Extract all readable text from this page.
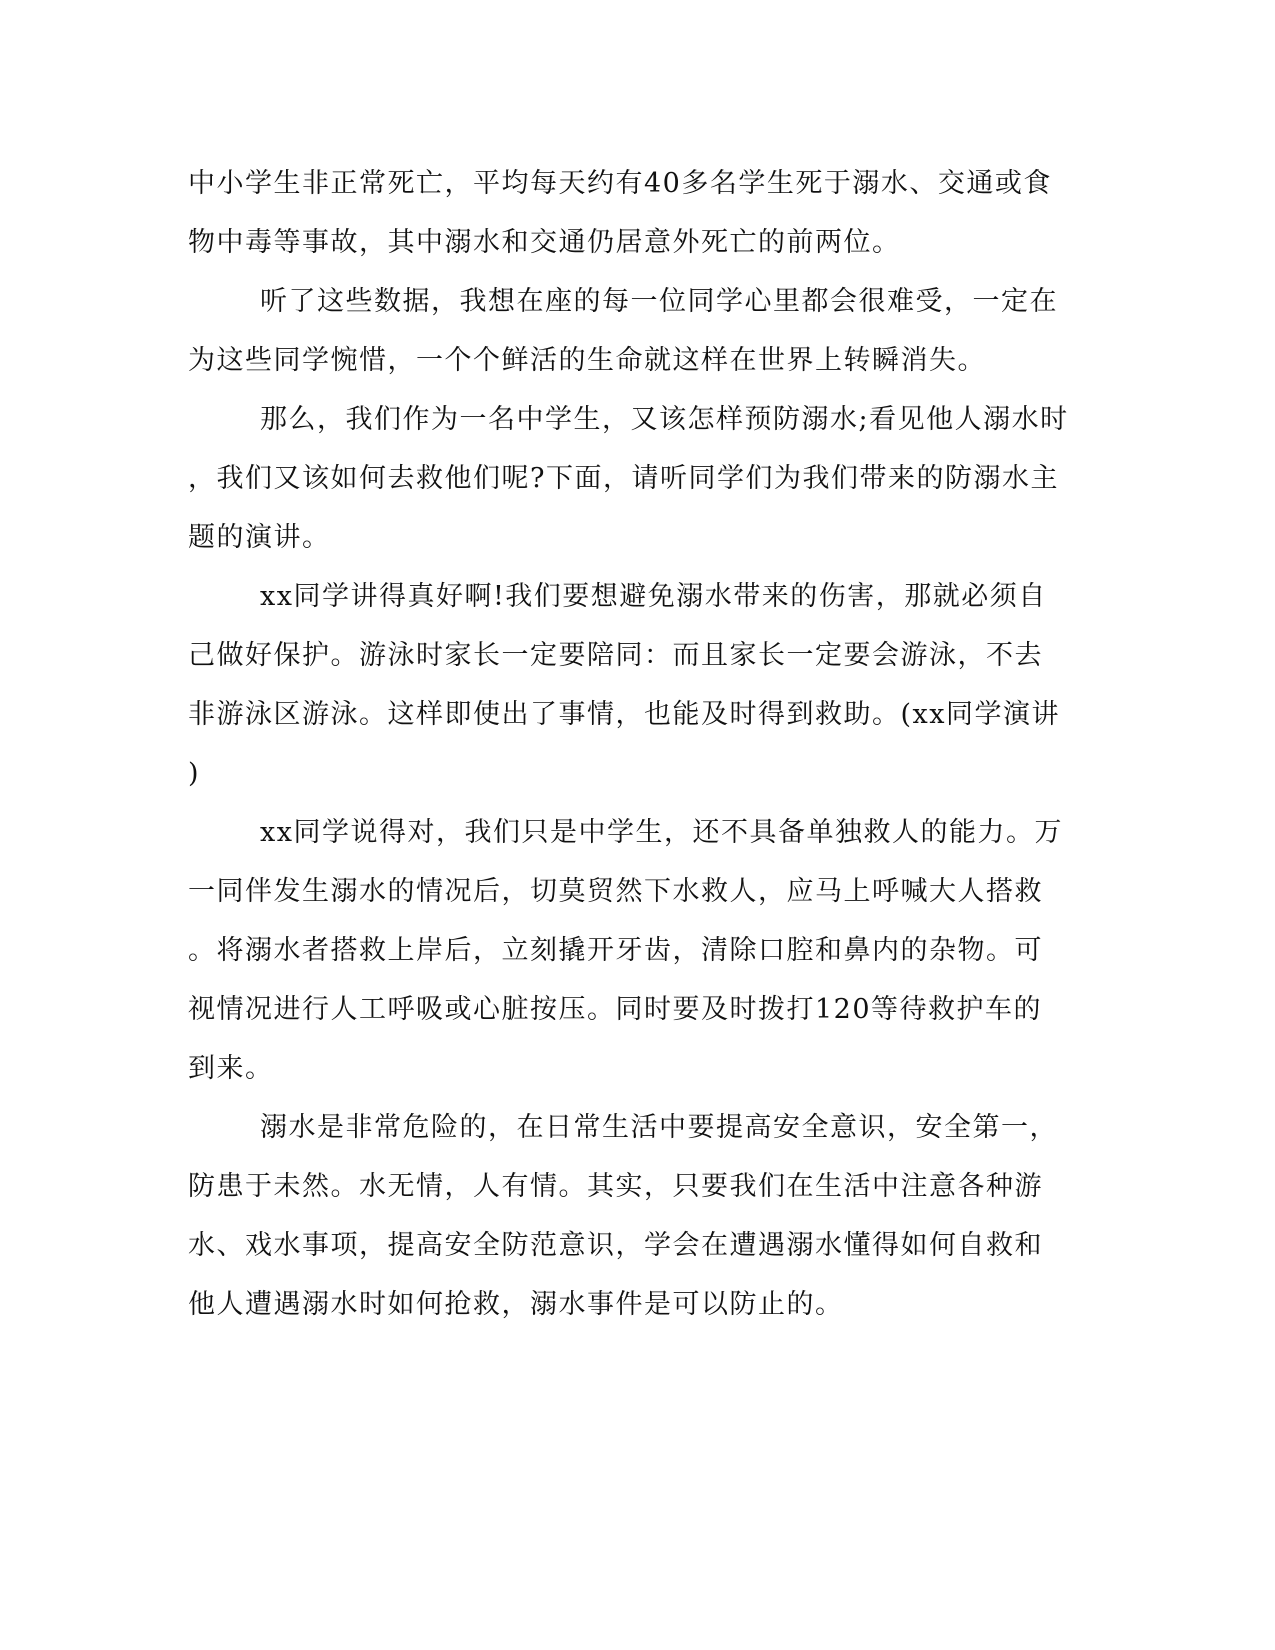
中小学生非正常死亡，平均每天约有40多名学生死于溺水、交通或食
物中毒等事故，其中溺水和交通仍居意外死亡的前两位。
听了这些数据，我想在座的每一位同学心里都会很难受，一定在
为这些同学惋惜，一个个鲜活的生命就这样在世界上转瞬消失。
那么，我们作为一名中学生，又该怎样预防溺水;看见他人溺水时
，我们又该如何去救他们呢?下面，请听同学们为我们带来的防溺水主
题的演讲。
xx同学讲得真好啊!我们要想避免溺水带来的伤害，那就必须自
己做好保护。游泳时家长一定要陪同：而且家长一定要会游泳，不去
非游泳区游泳。这样即使出了事情，也能及时得到救助。(xx同学演讲
)
xx同学说得对，我们只是中学生，还不具备单独救人的能力。万
一同伴发生溺水的情况后，切莫贸然下水救人，应马上呼喊大人搭救
。将溺水者搭救上岸后，立刻撬开牙齿，清除口腔和鼻内的杂物。可
视情况进行人工呼吸或心脏按压。同时要及时拨打120等待救护车的
到来。
溺水是非常危险的，在日常生活中要提高安全意识，安全第一，
防患于未然。水无情，人有情。其实，只要我们在生活中注意各种游
水、戏水事项，提高安全防范意识，学会在遭遇溺水懂得如何自救和
他人遭遇溺水时如何抢救，溺水事件是可以防止的。
